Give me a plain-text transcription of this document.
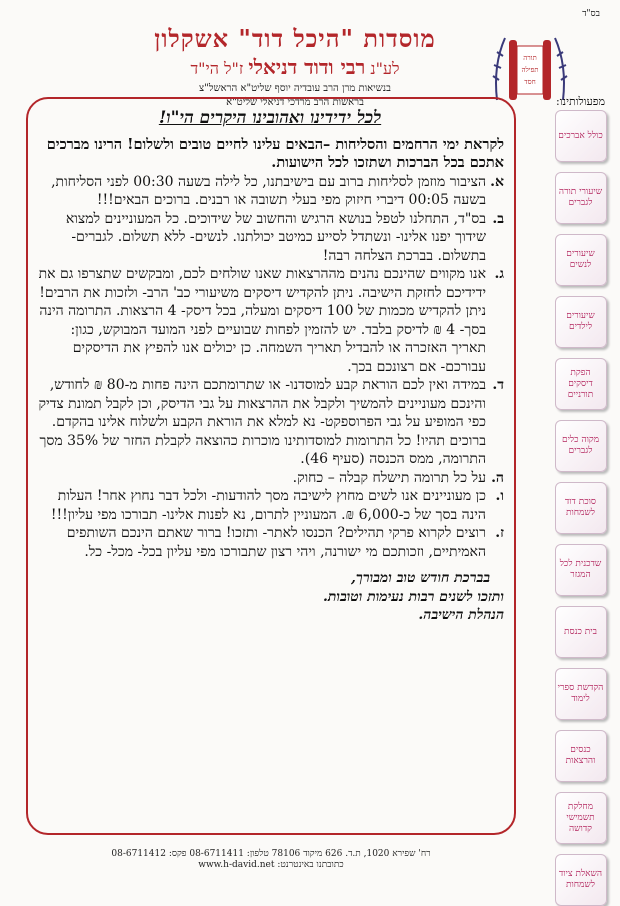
בס"ד
מוסדות "היכל דוד" אשקלון
לע"נ רבי ודוד דניאלי ז"ל הי"ד
בנשיאות מרן הרב עובדיה יוסף שליט"א הראשל"צ
בראשות הרב מרדכי דניאלי שליט"א
תורה
תפילה
חסד
מפעולותינו:
כולל אברכים
שיעורי תורה לגברים
שיעורים לנשים
שיעורים לילדים
הפקת דיסקים תורניים
מקוה כלים לגברים
סוכת דוד לשמחות
שדכנית לכל המגזר
בית כנסת
הקדשת ספרי לימוד
כנסים והרצאות
מחלקת תשמישי קדושה
השאלת ציוד לשמחות
לכל ידידינו ואהובינו היקרים הי"ו!

לקראת ימי הרחמים והסליחות –הבאים עלינו לחיים טובים ולשלום! הרינו מברכים אתכם בכל הברכות ושתזכו לכל הישועות.

א.
הציבור מוזמן לסליחות ברוב עם בישיבתנו, כל לילה בשעה 00:30 לפני הסליחות, בשעה 00:05 דיברי חיזוק מפי בעלי תשובה או רבנים. ברוכים הבאים!!!
ב.
בס"ד, התחלנו לטפל בנושא הרגיש והחשוב של שידוכים. כל המעוניינים למצוא שידוך יפנו אלינו- ונשתדל לסייע כמיטב יכולתנו. לנשים- ללא תשלום. לגברים- בתשלום. בברכת הצלחה רבה!
ג.
אנו מקווים שהינכם נהנים מההרצאות שאנו שולחים לכם, ומבקשים שתצרפו גם את ידידיכם לחזקת הישיבה. ניתן להקדיש דיסקים משיעורי כב' הרב- ולזכות את הרבים! ניתן להקדיש מכמות של 100 דיסקים ומעלה, בכל דיסק- 4 הרצאות. התרומה הינה בסך- 4 ₪ לדיסק בלבד. יש להזמין לפחות שבועיים לפני המועד המבוקש, כגון: תאריך האזכרה או להבדיל תאריך השמחה. כן יכולים אנו להפיץ את הדיסקים עבורכם- אם רצונכם בכך.
ד.
במידה ואין לכם הוראת קבע למוסדנו- או שתרומתכם הינה פחות מ-80 ₪ לחודש, והינכם מעוניינים להמשיך ולקבל את ההרצאות על גבי הדיסק, וכן לקבל תמונת צדיק כפי המופיע על גבי הפרוספקט- נא למלא את הוראת הקבע ולשלוח אלינו בהקדם. ברוכים תהיו! כל התרומות למוסדותינו מוכרות כהוצאה לקבלת החזר של 35% מסך התרומה, ממס הכנסה (סעיף 46).
ה.
על כל תרומה תישלח קבלה – כחוק.
ו.
כן מעוניינים אנו לשים מחוץ לישיבה מסך להודעות- ולכל דבר נחוץ אחר! העלות הינה בסך של כ-6,000 ₪. המעוניין לתרום, נא לפנות אלינו- תבורכו מפי עליון!!!
ז.
רוצים לקרוא פרקי תהילים? הכנסו לאתר- ותזכו! ברור שאתם הינכם השותפים האמיתיים, וזכותכם מי ישורנה, ויהי רצון שתבורכו מפי עליון בכל- מכל- כל.
בברכת חודש טוב ומבורך,
ותזכו לשנים רבות נעימות וטובות.
הנהלת הישיבה.
רח' שפירא 1020, ת.ד. 626 מיקוד 78106 טלפון: 08-6711411 פקס: 08-6711412
www.h-david.net :כתובתנו באינטרנט
